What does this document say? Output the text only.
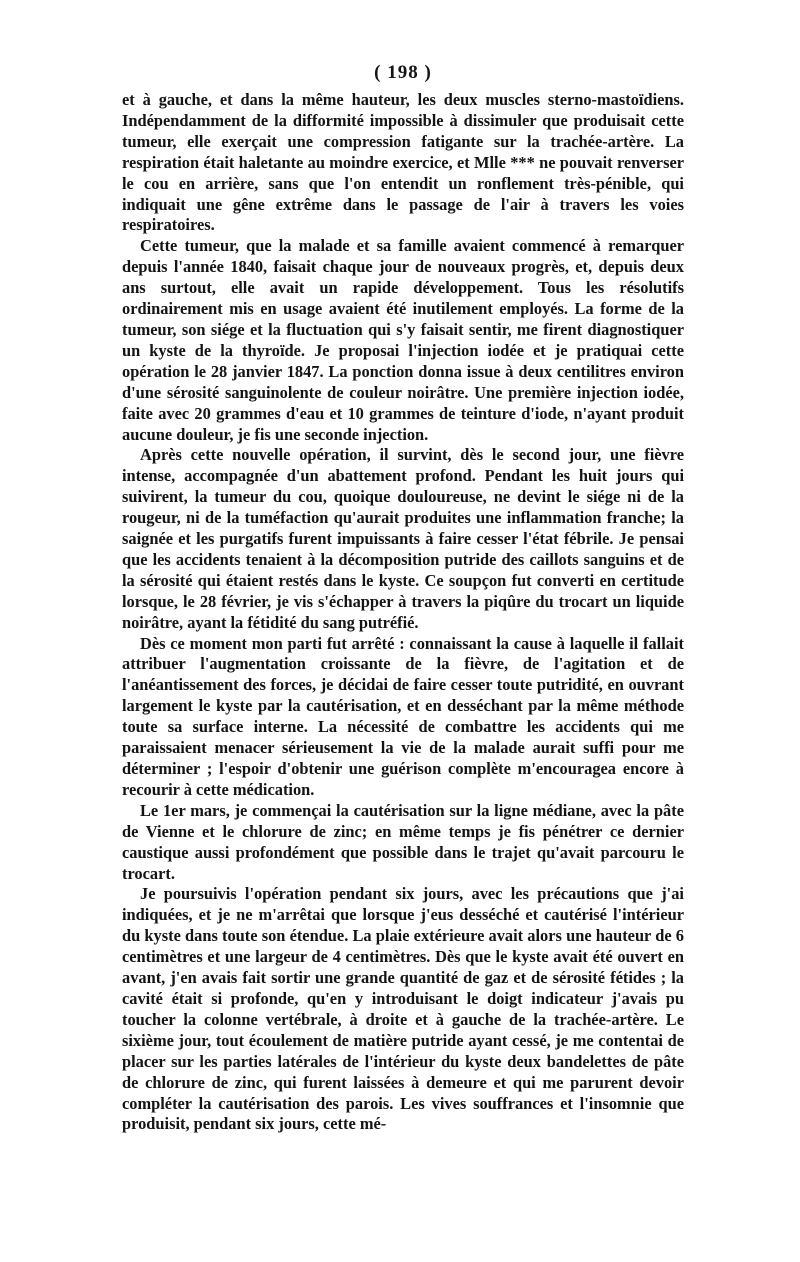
( 198 )

et à gauche, et dans la même hauteur, les deux muscles sterno-mastoïdiens. Indépendamment de la difformité impossible à dissimuler que produisait cette tumeur, elle exerçait une compression fatigante sur la trachée-artère. La respiration était haletante au moindre exercice, et Mlle *** ne pouvait renverser le cou en arrière, sans que l'on entendit un ronflement très-pénible, qui indiquait une gêne extrême dans le passage de l'air à travers les voies respiratoires.

Cette tumeur, que la malade et sa famille avaient commencé à remarquer depuis l'année 1840, faisait chaque jour de nouveaux progrès, et, depuis deux ans surtout, elle avait un rapide développement. Tous les résolutifs ordinairement mis en usage avaient été inutilement employés. La forme de la tumeur, son siége et la fluctuation qui s'y faisait sentir, me firent diagnostiquer un kyste de la thyroïde. Je proposai l'injection iodée et je pratiquai cette opération le 28 janvier 1847. La ponction donna issue à deux centilitres environ d'une sérosité sanguinolente de couleur noirâtre. Une première injection iodée, faite avec 20 grammes d'eau et 10 grammes de teinture d'iode, n'ayant produit aucune douleur, je fis une seconde injection.

Après cette nouvelle opération, il survint, dès le second jour, une fièvre intense, accompagnée d'un abattement profond. Pendant les huit jours qui suivirent, la tumeur du cou, quoique douloureuse, ne devint le siége ni de la rougeur, ni de la tuméfaction qu'aurait produites une inflammation franche; la saignée et les purgatifs furent impuissants à faire cesser l'état fébrile. Je pensai que les accidents tenaient à la décomposition putride des caillots sanguins et de la sérosité qui étaient restés dans le kyste. Ce soupçon fut converti en certitude lorsque, le 28 février, je vis s'échapper à travers la piqûre du trocart un liquide noirâtre, ayant la fétidité du sang putréfié.

Dès ce moment mon parti fut arrêté : connaissant la cause à laquelle il fallait attribuer l'augmentation croissante de la fièvre, de l'agitation et de l'anéantissement des forces, je décidai de faire cesser toute putridité, en ouvrant largement le kyste par la cautérisation, et en desséchant par la même méthode toute sa surface interne. La nécessité de combattre les accidents qui me paraissaient menacer sérieusement la vie de la malade aurait suffi pour me déterminer ; l'espoir d'obtenir une guérison complète m'encouragea encore à recourir à cette médication.

Le 1er mars, je commençai la cautérisation sur la ligne médiane, avec la pâte de Vienne et le chlorure de zinc; en même temps je fis pénétrer ce dernier caustique aussi profondément que possible dans le trajet qu'avait parcouru le trocart.

Je poursuivis l'opération pendant six jours, avec les précautions que j'ai indiquées, et je ne m'arrêtai que lorsque j'eus desséché et cautérisé l'intérieur du kyste dans toute son étendue. La plaie extérieure avait alors une hauteur de 6 centimètres et une largeur de 4 centimètres. Dès que le kyste avait été ouvert en avant, j'en avais fait sortir une grande quantité de gaz et de sérosité fétides ; la cavité était si profonde, qu'en y introduisant le doigt indicateur j'avais pu toucher la colonne vertébrale, à droite et à gauche de la trachée-artère. Le sixième jour, tout écoulement de matière putride ayant cessé, je me contentai de placer sur les parties latérales de l'intérieur du kyste deux bandelettes de pâte de chlorure de zinc, qui furent laissées à demeure et qui me parurent devoir compléter la cautérisation des parois. Les vives souffrances et l'insomnie que produisit, pendant six jours, cette mé-
